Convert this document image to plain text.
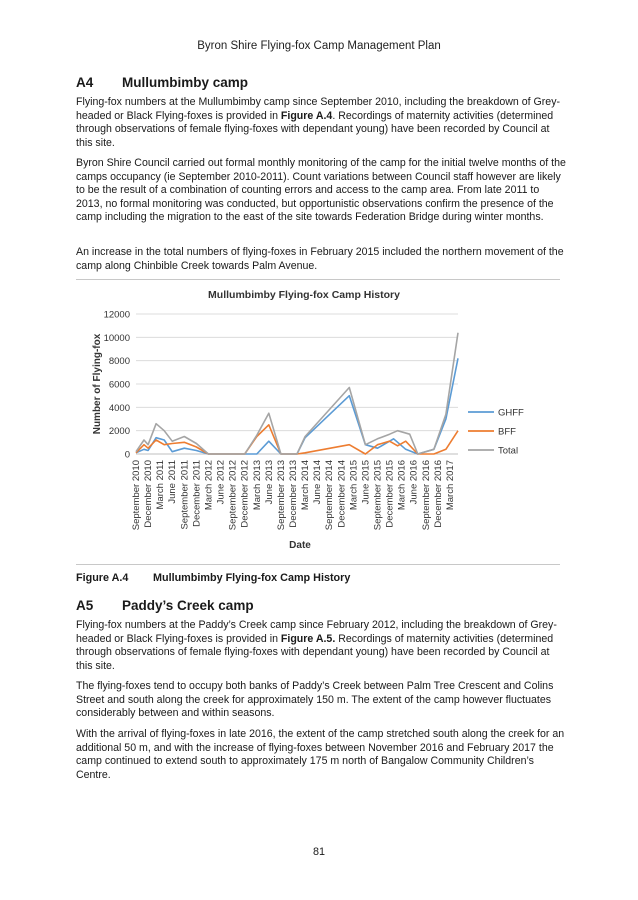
Byron Shire Flying-fox Camp Management Plan
A4 Mullumbimby camp

Flying-fox numbers at the Mullumbimby camp since September 2010, including the breakdown of Grey-headed or Black Flying-foxes is provided in Figure A.4. Recordings of maternity activities (determined through observations of female flying-foxes with dependant young) have been recorded by Council at this site.

Byron Shire Council carried out formal monthly monitoring of the camp for the initial twelve months of the camps occupancy (ie September 2010-2011). Count variations between Council staff however are likely to be the result of a combination of counting errors and access to the camp area. From late 2011 to 2013, no formal monitoring was conducted, but opportunistic observations confirm the presence of the camp including the migration to the east of the site towards Federation Bridge during winter months.

An increase in the total numbers of flying-foxes in February 2015 included the northern movement of the camp along Chinbible Creek towards Palm Avenue.

Mullumbimby Flying-fox Camp History
0
2000
4000
6000
8000
10000
12000
September 2010 December 2010 March 2011 June 2011 September 2011 December 2011 March 2012 June 2012 September 2012 December 2012 March 2013 June 2013 September 2013 December 2013 March 2014 June 2014 September 2014 December 2014 March 2015 June 2015 September 2015 December 2015 March 2016 June 2016 September 2016 December 2016 March 2017
GHFF
BFF
Total
Number of Flying-fox
Date
Figure A.4 Mullumbimby Flying-fox Camp History
A5 Paddy’s Creek camp

Flying-fox numbers at the Paddy’s Creek camp since February 2012, including the breakdown of Grey-headed or Black Flying-foxes is provided in Figure A.5. Recordings of maternity activities (determined through observations of female flying-foxes with dependant young) have been recorded by Council at this site.

The flying-foxes tend to occupy both banks of Paddy’s Creek between Palm Tree Crescent and Colins Street and south along the creek for approximately 150 m. The extent of the camp however fluctuates considerably between and within seasons.

With the arrival of flying-foxes in late 2016, the extent of the camp stretched south along the creek for an additional 50 m, and with the increase of flying-foxes between November 2016 and February 2017 the camp continued to extend south to approximately 175 m north of Bangalow Community Children’s Centre.

81
